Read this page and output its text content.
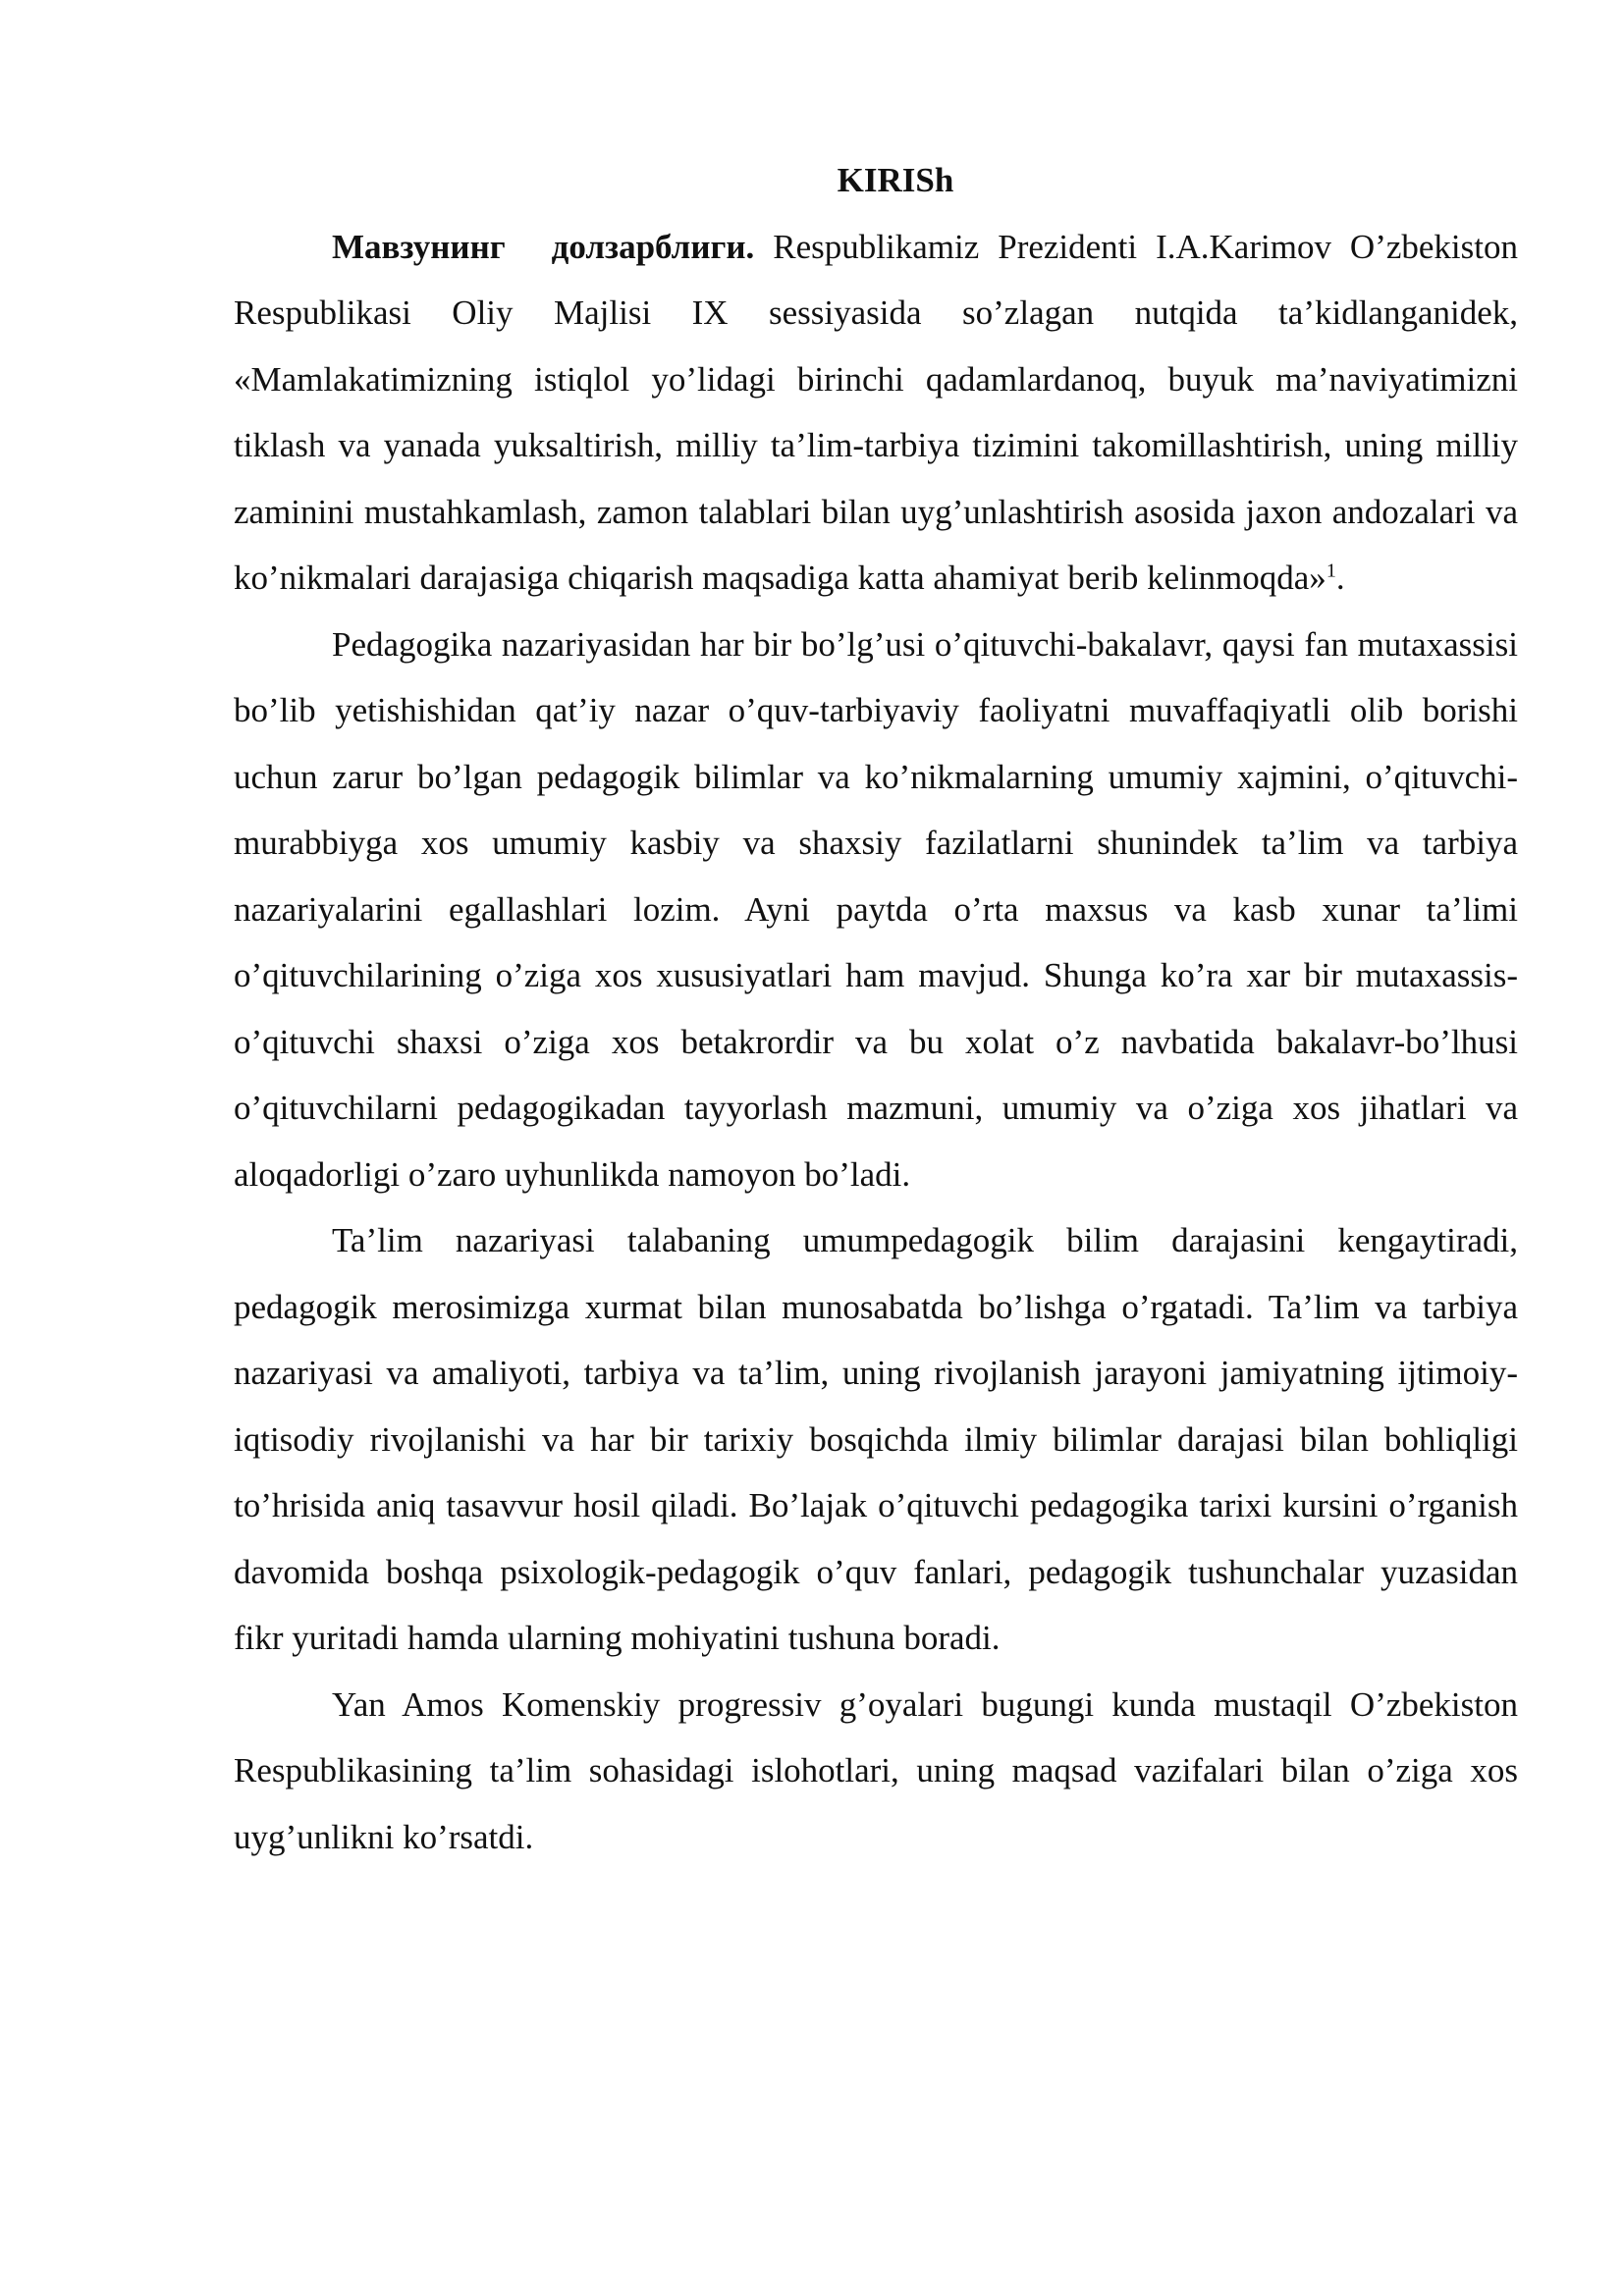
KIRISh

Мавзунинг долзарблиги. Respublikamiz Prezidenti I.A.Karimov O’zbekiston Respublikasi Oliy Majlisi IX sessiyasida so’zlagan nutqida ta’kidlanganidek, «Mamlakatimizning istiqlol yo’lidagi birinchi qadamlardanoq, buyuk ma’naviyatimizni tiklash va yanada yuksaltirish, milliy ta’lim-tarbiya tizimini takomillashtirish, uning milliy zaminini mustahkamlash, zamon talablari bilan uyg’unlashtirish asosida jaxon andozalari va ko’nikmalari darajasiga chiqarish maqsadiga katta ahamiyat berib kelinmoqda»$^1$.

Pedagogika nazariyasidan har bir bo’lg’usi o’qituvchi-bakalavr, qaysi fan mutaxassisi bo’lib yetishishidan qat’iy nazar o’quv-tarbiyaviy faoliyatni muvaffaqiyatli olib borishi uchun zarur bo’lgan pedagogik bilimlar va ko’nikmalarning umumiy xajmini, o’qituvchi-murabbiyga xos umumiy kasbiy va shaxsiy fazilatlarni shunindek ta’lim va tarbiya nazariyalarini egallashlari lozim. Ayni paytda o’rta maxsus va kasb xunar ta’limi o’qituvchilarining o’ziga xos xususiyatlari ham mavjud. Shunga ko’ra xar bir mutaxassis-o’qituvchi shaxsi o’ziga xos betakrordir va bu xolat o’z navbatida bakalavr-bo’lhusi o’qituvchilarni pedagogikadan tayyorlash mazmuni, umumiy va o’ziga xos jihatlari va aloqadorligi o’zaro uyhunlikda namoyon bo’ladi.

Ta’lim nazariyasi talabaning umumpedagogik bilim darajasini kengaytiradi, pedagogik merosimizga xurmat bilan munosabatda bo’lishga o’rgatadi. Ta’lim va tarbiya nazariyasi va amaliyoti, tarbiya va ta’lim, uning rivojlanish jarayoni jamiyatning ijtimoiy-iqtisodiy rivojlanishi va har bir tarixiy bosqichda ilmiy bilimlar darajasi bilan bohliqligi to’hrisida aniq tasavvur hosil qiladi. Bo’lajak o’qituvchi pedagogika tarixi kursini o’rganish davomida boshqa psixologik-pedagogik o’quv fanlari, pedagogik tushunchalar yuzasidan fikr yuritadi hamda ularning mohiyatini tushuna boradi.

Yan Amos Komenskiy progressiv g’oyalari bugungi kunda mustaqil O’zbekiston Respublikasining ta’lim sohasidagi islohotlari, uning maqsad vazifalari bilan o’ziga xos uyg’unlikni ko’rsatdi.
